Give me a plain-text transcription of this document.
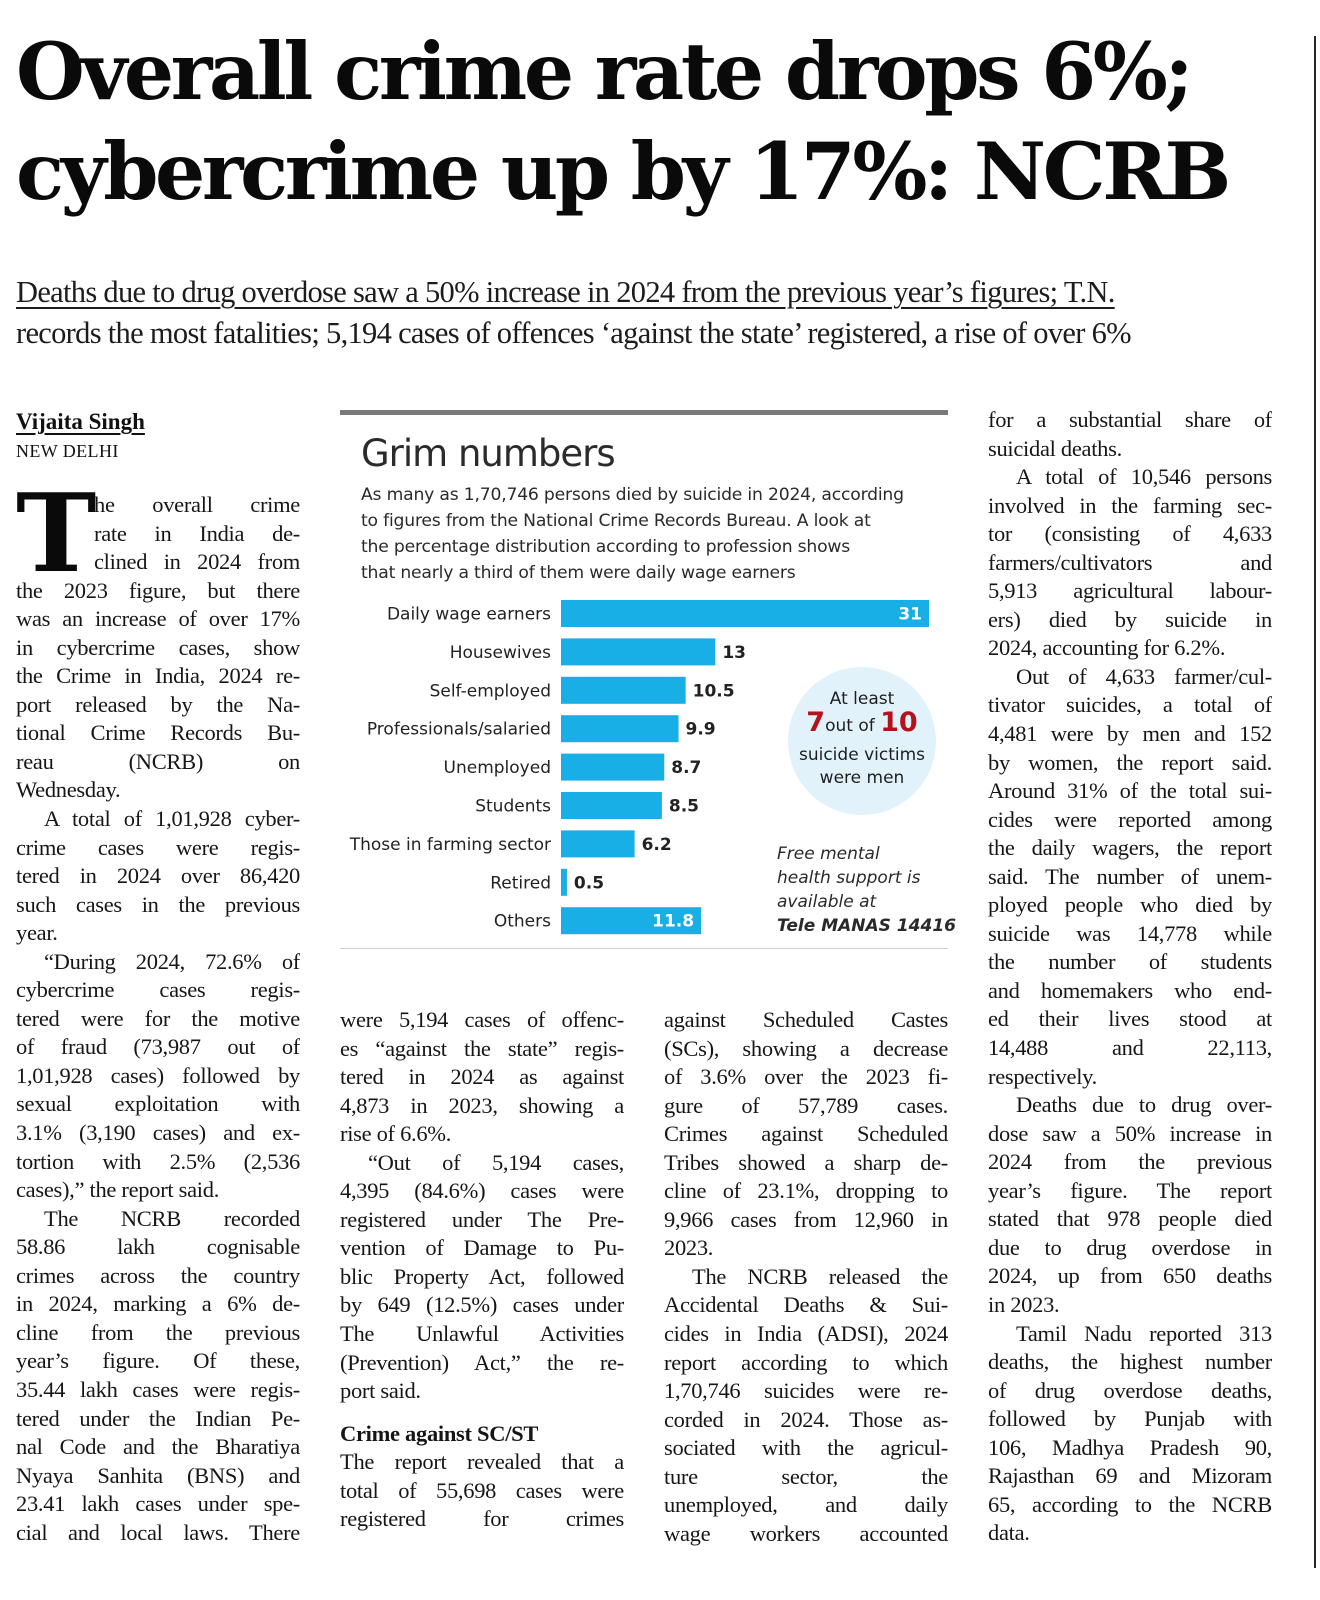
Overall crime rate drops 6%;
cybercrime up by 17%: NCRB

Deaths due to drug overdose saw a 50% increase in 2024 from the previous year’s figures; T.N.
records the most fatalities; 5,194 cases of offences ‘against the state’ registered, a rise of over 6%

Vijaita Singh

NEW DELHI

T
he overall crime
rate in India de-
clined in 2024 from
the 2023 figure, but there
was an increase of over 17%
in cybercrime cases, show
the Crime in India, 2024 re-
port released by the Na-
tional Crime Records Bu-
reau (NCRB) on
Wednesday.
A total of 1,01,928 cyber-
crime cases were regis-
tered in 2024 over 86,420
such cases in the previous
year.
“During 2024, 72.6% of
cybercrime cases regis-
tered were for the motive
of fraud (73,987 out of
1,01,928 cases) followed by
sexual exploitation with
3.1% (3,190 cases) and ex-
tortion with 2.5% (2,536
cases),” the report said.
The NCRB recorded
58.86 lakh cognisable
crimes across the country
in 2024, marking a 6% de-
cline from the previous
year’s figure. Of these,
35.44 lakh cases were regis-
tered under the Indian Pe-
nal Code and the Bharatiya
Nyaya Sanhita (BNS) and
23.41 lakh cases under spe-
cial and local laws. There
were 5,194 cases of offenc-
es “against the state” regis-
tered in 2024 as against
4,873 in 2023, showing a
rise of 6.6%.
“Out of 5,194 cases,
4,395 (84.6%) cases were
registered under The Pre-
vention of Damage to Pu-
blic Property Act, followed
by 649 (12.5%) cases under
The Unlawful Activities
(Prevention) Act,” the re-
port said.
Crime against SC/ST
The report revealed that a
total of 55,698 cases were
registered for crimes
against Scheduled Castes
(SCs), showing a decrease
of 3.6% over the 2023 fi-
gure of 57,789 cases.
Crimes against Scheduled
Tribes showed a sharp de-
cline of 23.1%, dropping to
9,966 cases from 12,960 in
2023.
The NCRB released the
Accidental Deaths & Sui-
cides in India (ADSI), 2024
report according to which
1,70,746 suicides were re-
corded in 2024. Those as-
sociated with the agricul-
ture sector, the
unemployed, and daily
wage workers accounted
for a substantial share of
suicidal deaths.
A total of 10,546 persons
involved in the farming sec-
tor (consisting of 4,633
farmers/cultivators and
5,913 agricultural labour-
ers) died by suicide in
2024, accounting for 6.2%.
Out of 4,633 farmer/cul-
tivator suicides, a total of
4,481 were by men and 152
by women, the report said.
Around 31% of the total sui-
cides were reported among
the daily wagers, the report
said. The number of unem-
ployed people who died by
suicide was 14,778 while
the number of students
and homemakers who end-
ed their lives stood at
14,488 and 22,113,
respectively.
Deaths due to drug over-
dose saw a 50% increase in
2024 from the previous
year’s figure. The report
stated that 978 people died
due to drug overdose in
2024, up from 650 deaths
in 2023.
Tamil Nadu reported 313
deaths, the highest number
of drug overdose deaths,
followed by Punjab with
106, Madhya Pradesh 90,
Rajasthan 69 and Mizoram
65, according to the NCRB
data.
Grim numbers

As many as 1,70,746 persons died by suicide in 2024, according
to figures from the National Crime Records Bureau. A look at
the percentage distribution according to profession shows
that nearly a third of them were daily wage earners

Daily wage earners	31
Housewives	13
Self-employed	10.5
Professionals/salaried	9.9
Unemployed	8.7
Students	8.5
Those in farming sector	6.2
Retired 0.5
Others	11.8
At least
7out of 10
suicide victims
were men

Free mental
health support is
available at
Tele MANAS 14416
